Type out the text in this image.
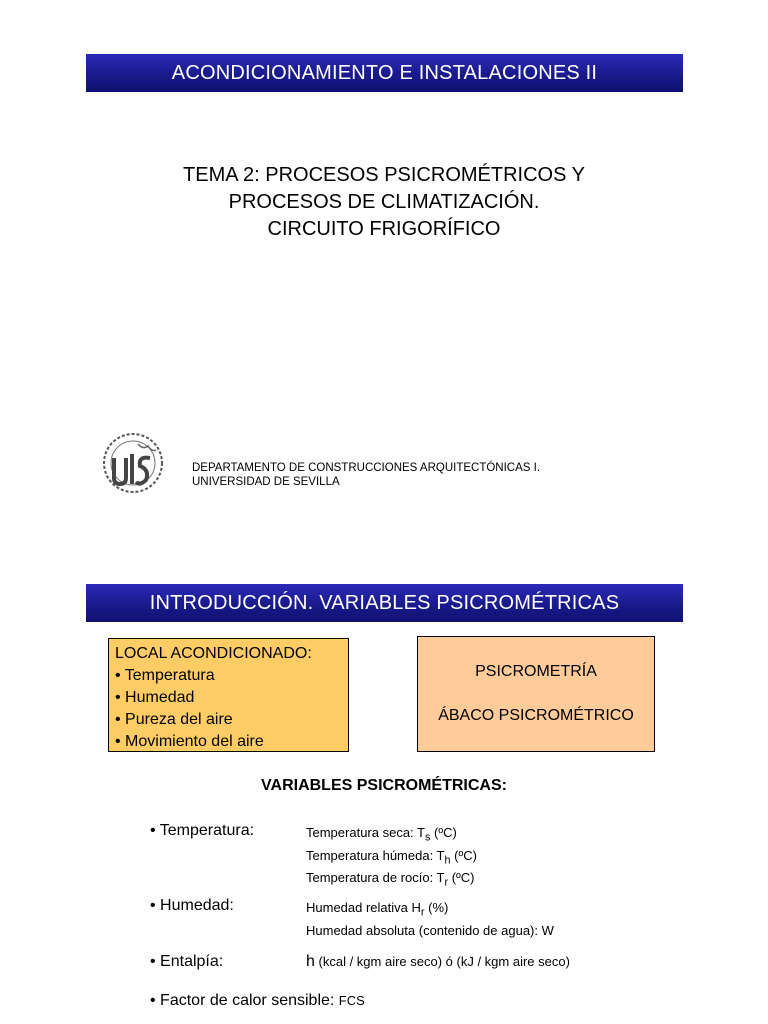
ACONDICIONAMIENTO E INSTALACIONES II
TEMA 2: PROCESOS PSICROMÉTRICOS Y
PROCESOS DE CLIMATIZACIÓN.
CIRCUITO FRIGORÍFICO
DEPARTAMENTO DE CONSTRUCCIONES ARQUITECTÓNICAS I.
UNIVERSIDAD DE SEVILLA
INTRODUCCIÓN. VARIABLES PSICROMÉTRICAS
LOCAL ACONDICIONADO:
• Temperatura
• Humedad
• Pureza del aire
• Movimiento del aire
PSICROMETRÍA
ÁBACO PSICROMÉTRICO
VARIABLES PSICROMÉTRICAS:
• Temperatura:	Temperatura seca: $T_s$ (ºC)
Temperatura húmeda: $T_h$ (ºC)
Temperatura de rocío: $T_r$ (ºC)
• Humedad:	Humedad relativa $H_r$ (%)
Humedad absoluta (contenido de agua): W
• Entalpía:	h (kcal / kgm aire seco) ó (kJ / kgm aire seco)
• Factor de calor sensible: FCS
